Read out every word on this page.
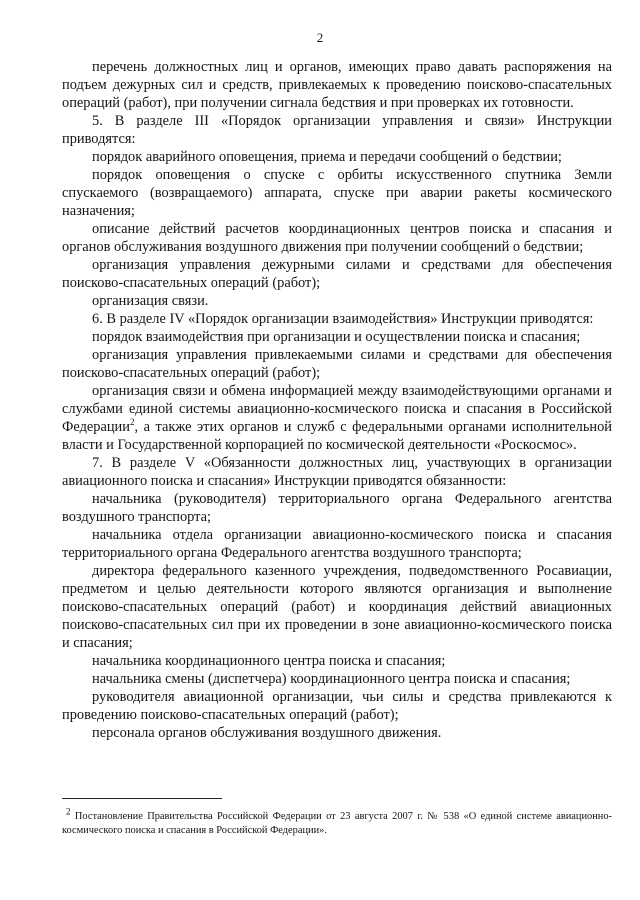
2

перечень должностных лиц и органов, имеющих право давать распоряжения на подъем дежурных сил и средств, привлекаемых к проведению поисково-спасательных операций (работ), при получении сигнала бедствия и при проверках их готовности.

5. В разделе III «Порядок организации управления и связи» Инструкции приводятся:

порядок аварийного оповещения, приема и передачи сообщений о бедствии;

порядок оповещения о спуске с орбиты искусственного спутника Земли спускаемого (возвращаемого) аппарата, спуске при аварии ракеты космического назначения;

описание действий расчетов координационных центров поиска и спасания и органов обслуживания воздушного движения при получении сообщений о бедствии;

организация управления дежурными силами и средствами для обеспечения поисково-спасательных операций (работ);

организация связи.

6. В разделе IV «Порядок организации взаимодействия» Инструкции приводятся:

порядок взаимодействия при организации и осуществлении поиска и спасания;

организация управления привлекаемыми силами и средствами для обеспечения поисково-спасательных операций (работ);

организация связи и обмена информацией между взаимодействующими органами и службами единой системы авиационно-космического поиска и спасания в Российской Федерации$^2$, а также этих органов и служб с федеральными органами исполнительной власти и Государственной корпорацией по космической деятельности «Роскосмос».

7. В разделе V «Обязанности должностных лиц, участвующих в организации авиационного поиска и спасания» Инструкции приводятся обязанности:

начальника (руководителя) территориального органа Федерального агентства воздушного транспорта;

начальника отдела организации авиационно-космического поиска и спасания территориального органа Федерального агентства воздушного транспорта;

директора федерального казенного учреждения, подведомственного Росавиации, предметом и целью деятельности которого являются организация и выполнение поисково-спасательных операций (работ) и координация действий авиационных поисково-спасательных сил при их проведении в зоне авиационно-космического поиска и спасания;

начальника координационного центра поиска и спасания;

начальника смены (диспетчера) координационного центра поиска и спасания;

руководителя авиационной организации, чьи силы и средства привлекаются к проведению поисково-спасательных операций (работ);

персонала органов обслуживания воздушного движения.

$^2$ Постановление Правительства Российской Федерации от 23 августа 2007 г. № 538 «О единой системе авиационно-космического поиска и спасания в Российской Федерации».
